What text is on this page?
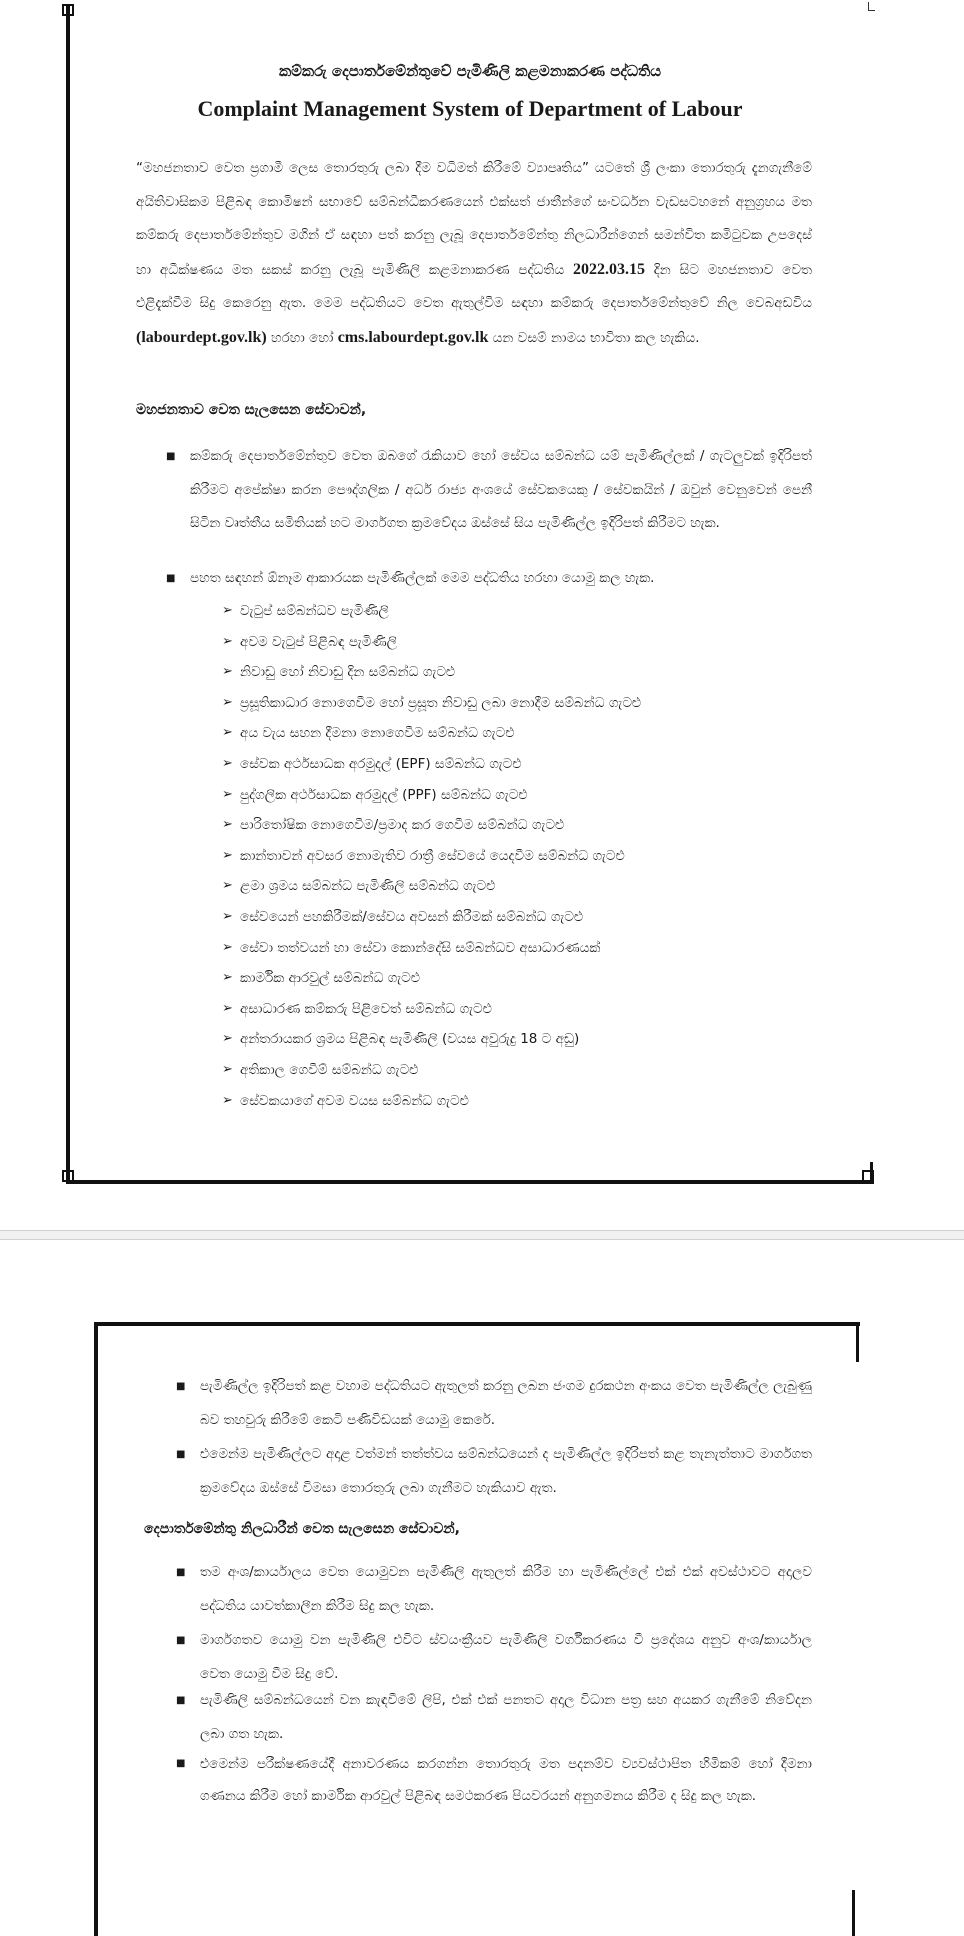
කම්කරු දෙපාර්තමේන්තුවේ පැමිණිලි කළමනාකරණ පද්ධතිය
Complaint Management System of Department of Labour
“මහජනතාව වෙත ප්‍රගාමී ලෙස තොරතුරු ලබා දීම වධිමත් කිරීමේ ව්‍යාපෘතිය” යටතේ ශ්‍රී ලංකා තොරතුරු දැනගැනීමේ අයිතිවාසිකම පිළිබඳ කොමිෂන් සභාවේ සම්බන්ධීකරණයෙන් එක්සත් ජාතීන්ගේ සංවර්ධන වැඩසටහනේ අනුග්‍රහය මත කම්කරු දෙපාර්තමේන්තුව මගින් ඒ සඳහා පත් කරනු ලැබූ දෙපාර්තමේන්තු නිලධාරීන්ගෙන් සමන්විත කමිටුවක උපදෙස් හා අධීක්ෂණය මත සකස් කරනු ලැබූ පැමිණිලි කළමනාකරණ පද්ධතිය 2022.03.15 දින සිට මහජනතාව වෙත එළිදැක්වීම සිදු කෙරෙනු ඇත. මෙම පද්ධතියට වෙත ඇතුල්වීම සඳහා කම්කරු දෙපාර්තමේන්තුවේ නිල වෙබඅඩවිය (labourdept.gov.lk) හරහා හෝ cms.labourdept.gov.lk යන වසම් නාමය භාවිතා කල හැකිය.
මහජනතාව වෙත සැලසෙන සේවාවන්,
■ කම්කරු දෙපාර්තමේන්තුව වෙත ඔබගේ රැකියාව හෝ සේවය සම්බන්ධ යම් පැමිණිල්ලක් / ගැටලුවක් ඉදිරිපත් කිරීමට අපේක්ෂා කරන පෞද්ගලික / අර්ධ රාජ්‍ය අංශයේ සේවකයෙකු / සේවකයින් / ඔවුන් වෙනුවෙන් පෙනී සිටින වෘත්තීය සමිතියක් හට මාර්ගගත ක්‍රමවේදය ඔස්සේ සිය පැමිණිල්ල ඉදිරිපත් කිරීමට හැක.
■ පහත සඳහන් ඕනෑම ආකාරයක පැමිණිල්ලක් මෙම පද්ධතිය හරහා යොමු කල හැක.
➢ වැටුප් සම්බන්ධව පැමිණිලි
➢ අවම වැටුප් පිළිබඳ පැමිණිලි
➢ නිවාඩු හෝ නිවාඩු දින සම්බන්ධ ගැටළු
➢ ප්‍රසූතිකාධාර නොගෙවීම හෝ ප්‍රසූත නිවාඩු ලබා නොදීම සම්බන්ධ ගැටළු
➢ අය වැය සහන දීමනා නොගෙවීම සම්බන්ධ ගැටළු
➢ සේවක අර්ථසාධක අරමුදල් (EPF) සම්බන්ධ ගැටළු
➢ පුද්ගලික අර්ථසාධක අරමුදල් (PPF) සම්බන්ධ ගැටළු
➢ පාරිතෝෂික නොගෙවීම/ප්‍රමාද කර ගෙවීම සම්බන්ධ ගැටළු
➢ කාන්තාවන් අවසර නොමැතිව රාත්‍රී සේවයේ යෙදවීම සම්බන්ධ ගැටළු
➢ ළමා ශ්‍රමය සම්බන්ධ පැමිණිලි සම්බන්ධ ගැටළු
➢ සේවයෙන් පහකිරීමක්/සේවය අවසන් කිරීමක් සම්බන්ධ ගැටළු
➢ සේවා තත්වයන් හා සේවා කොන්දේසි සම්බන්ධව අසාධාරණයක්
➢ කාර්මික ආරවුල් සම්බන්ධ ගැටළු
➢ අසාධාරණ කම්කරු පිළිවෙත් සම්බන්ධ ගැටළු
➢ අන්තරායකර ශ්‍රමය පිළිබඳ පැමිණිලි (වයස අවුරුදු 18 ට අඩු)
➢ අතිකාල ගෙවීම් සම්බන්ධ ගැටළු
➢ සේවකයාගේ අවම වයස සම්බන්ධ ගැටළු
■ පැමිණිල්ල ඉදිරිපත් කළ වහාම පද්ධතියට ඇතුලත් කරනු ලබන ජංගම දුරකථන අංකය වෙත පැමිණිල්ල ලැබුණු බව තහවුරු කිරීමේ කෙටි පණිවිඩයක් යොමු කෙරේ.
■ එමෙන්ම පැමිණිල්ලට අදාළ වත්මන් තත්ත්වය සම්බන්ධයෙන් ද පැමිණිල්ල ඉදිරිපත් කළ තැනැත්තාට මාර්ගගත ක්‍රමවේදය ඔස්සේ විමසා තොරතුරු ලබා ගැනීමට හැකියාව ඇත.
දෙපාර්තමේන්තු නිලධාරීන් වෙත සැලසෙන සේවාවන්,
■ තම අංශ/කාර්යාලය වෙත යොමුවන පැමිණිලි ඇතුලත් කිරීම හා පැමිණිල්ලේ එක් එක් අවස්ථාවට අදාලව පද්ධතිය යාවත්කාලීන කිරීම සිදු කල හැක.
■ මාර්ගගතව යොමු වන පැමිණිලි එවිට ස්වයංක්‍රීයව පැමිණිලි වර්ගීකරණය වී ප්‍රදේශය අනුව අංශ/කාර්යාල වෙත යොමු වීම සිදු වේ.
■ පැමිණිලි සම්බන්ධයෙන් වන කැඳවීමේ ලිපි, එක් එක් පනතට අදාල විධාන පත්‍ර සහ අයකර ගැනීමේ නිවේදන ලබා ගත හැක.
■ එමෙන්ම පරීක්ෂණයේදී අනාවරණය කරගන්න තොරතුරු මත පදනම්ව ව්‍යවස්ථාපිත හිමිකම් හෝ දීමනා ගණනය කිරීම හෝ කාර්මික ආරවුල් පිළිබඳ සමථකරණ පියවරයන් අනුගමනය කිරීම ද සිදු කල හැක.
